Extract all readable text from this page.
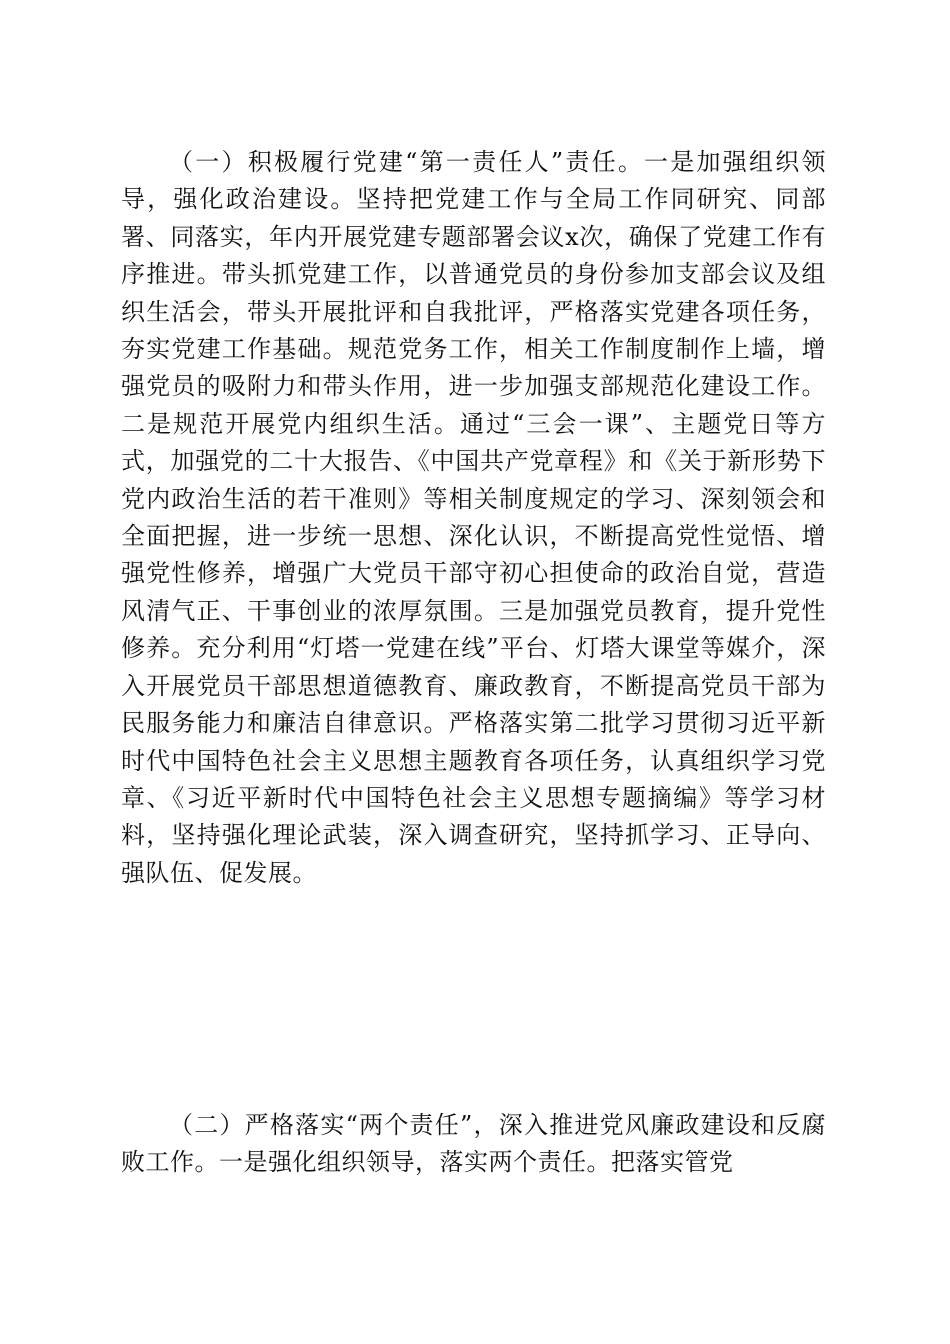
（一）积极履行党建“第一责任人”责任。一是加强组织领导，强化政治建设。坚持把党建工作与全局工作同研究、同部署、同落实，年内开展党建专题部署会议x次，确保了党建工作有序推进。带头抓党建工作，以普通党员的身份参加支部会议及组织生活会，带头开展批评和自我批评，严格落实党建各项任务，夯实党建工作基础。规范党务工作，相关工作制度制作上墙，增强党员的吸附力和带头作用，进一步加强支部规范化建设工作。二是规范开展党内组织生活。通过“三会一课”、主题党日等方式，加强党的二十大报告、《中国共产党章程》和《关于新形势下党内政治生活的若干准则》等相关制度规定的学习、深刻领会和全面把握，进一步统一思想、深化认识，不断提高党性觉悟、增强党性修养，增强广大党员干部守初心担使命的政治自觉，营造风清气正、干事创业的浓厚氛围。三是加强党员教育，提升党性修养。充分利用“灯塔一党建在线”平台、灯塔大课堂等媒介，深入开展党员干部思想道德教育、廉政教育，不断提高党员干部为民服务能力和廉洁自律意识。严格落实第二批学习贯彻习近平新时代中国特色社会主义思想主题教育各项任务，认真组织学习党章、《习近平新时代中国特色社会主义思想专题摘编》等学习材料，坚持强化理论武装，深入调查研究，坚持抓学习、正导向、强队伍、促发展。

（二）严格落实“两个责任”，深入推进党风廉政建设和反腐败工作。一是强化组织领导，落实两个责任。把落实管党
